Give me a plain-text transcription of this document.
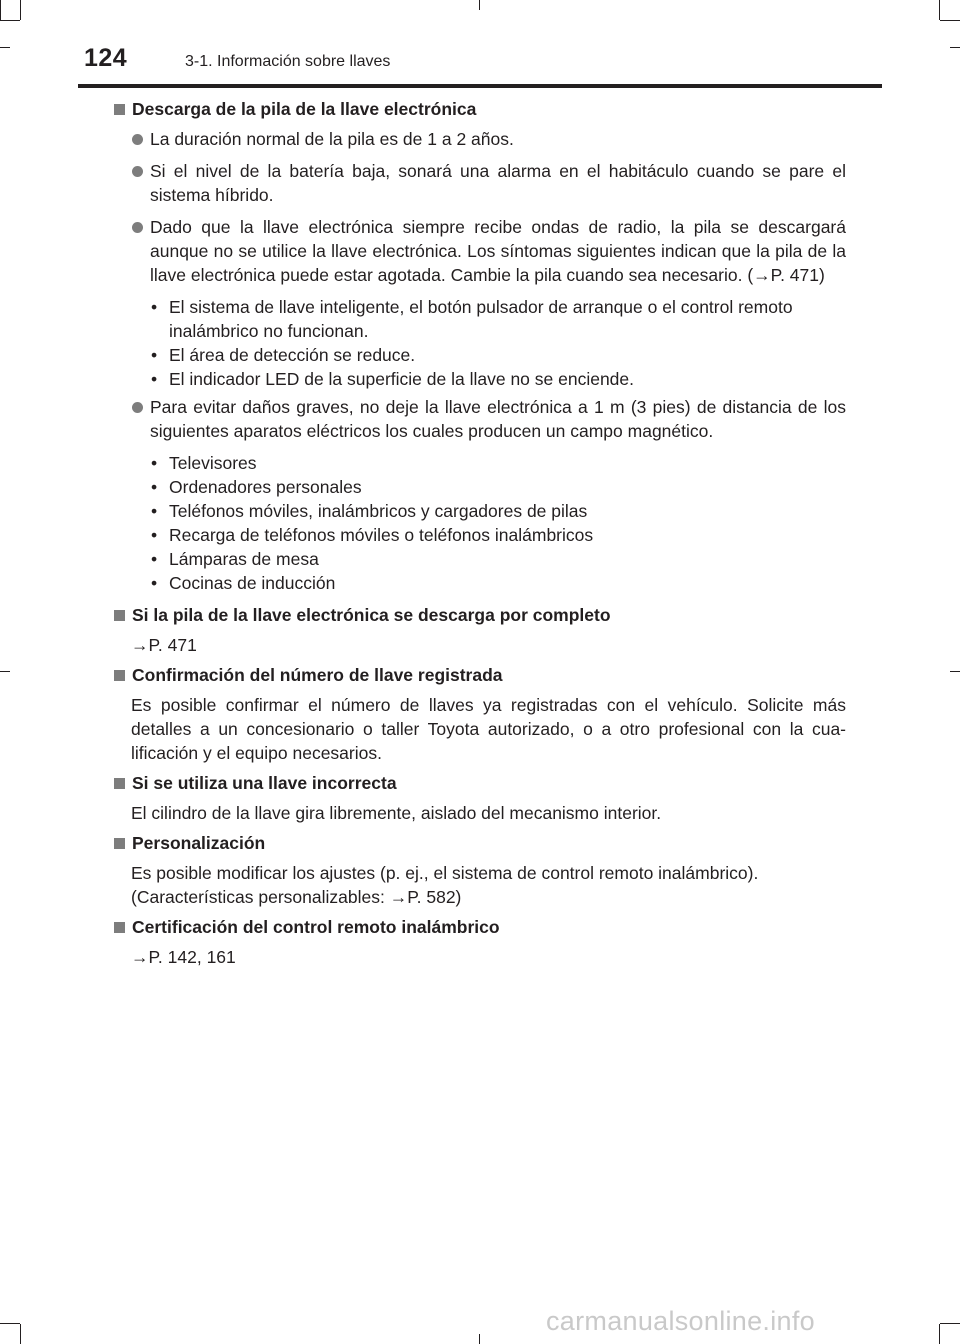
124	3-1. Información sobre llaves
Descarga de la pila de la llave electrónica
La duración normal de la pila es de 1 a 2 años.
Si el nivel de la batería baja, sonará una alarma en el habitáculo cuando se pare el sistema híbrido.
Dado que la llave electrónica siempre recibe ondas de radio, la pila se descargará aunque no se utilice la llave electrónica. Los síntomas siguientes indican que la pila de la llave electrónica puede estar agotada. Cambie la pila cuando sea necesario. (→P. 471)
• El sistema de llave inteligente, el botón pulsador de arranque o el control remoto inalámbrico no funcionan.
• El área de detección se reduce.
• El indicador LED de la superficie de la llave no se enciende.
Para evitar daños graves, no deje la llave electrónica a 1 m (3 pies) de distancia de los siguientes aparatos eléctricos los cuales producen un campo magnético.
• Televisores
• Ordenadores personales
• Teléfonos móviles, inalámbricos y cargadores de pilas
• Recarga de teléfonos móviles o teléfonos inalámbricos
• Lámparas de mesa
• Cocinas de inducción
Si la pila de la llave electrónica se descarga por completo

→P. 471

Confirmación del número de llave registrada

Es posible confirmar el número de llaves ya registradas con el vehículo. Solicite más detalles a un concesionario o taller Toyota autorizado, o a otro profesional con la cua-lificación y el equipo necesarios.

Si se utiliza una llave incorrecta

El cilindro de la llave gira libremente, aislado del mecanismo interior.

Personalización

Es posible modificar los ajustes (p. ej., el sistema de control remoto inalámbrico).

(Características personalizables: →P. 582)

Certificación del control remoto inalámbrico

→P. 142, 161

carmanualsonline.info
